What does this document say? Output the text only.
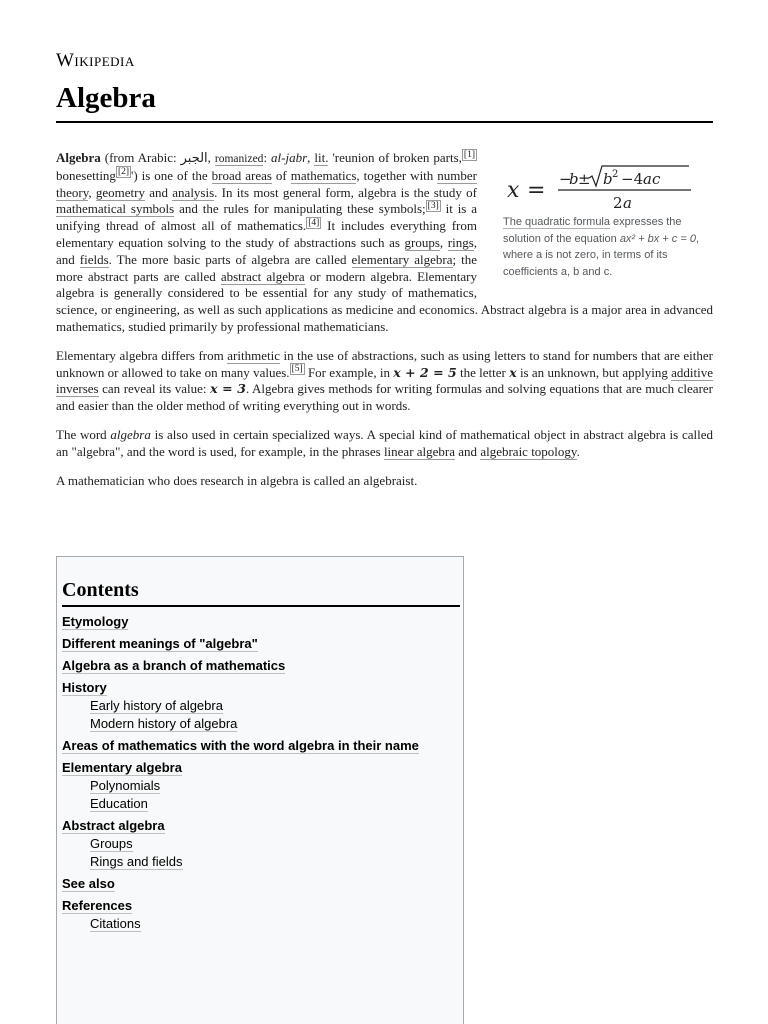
Wikipedia
Algebra
x = −
b ± b 2 −4 ac
2 a
The quadratic formula expresses the solution of the equation ax² + bx + c = 0, where a is not zero, in terms of its coefficients a, b and c.

Algebra (from Arabic: الجبر, romanized: al-jabr, lit. 'reunion of broken parts, [1] bonesetting [2] ') is one of the broad areas of mathematics, together with number theory, geometry and analysis. In its most general form, algebra is the study of mathematical symbols and the rules for manipulating these symbols; [3] it is a unifying thread of almost all of mathematics. [4] It includes everything from elementary equation solving to the study of abstractions such as groups, rings, and fields. The more basic parts of algebra are called elementary algebra; the more abstract parts are called abstract algebra or modern algebra. Elementary algebra is generally considered to be essential for any study of mathematics, science, or engineering, as well as such applications as medicine and economics. Abstract algebra is a major area in advanced mathematics, studied primarily by professional mathematicians.

Elementary algebra differs from arithmetic in the use of abstractions, such as using letters to stand for numbers that are either unknown or allowed to take on many values. [5] For example, in x + 2 = 5 the letter x is an unknown, but applying additive inverses can reveal its value: x = 3. Algebra gives methods for writing formulas and solving equations that are much clearer and easier than the older method of writing everything out in words.

The word algebra is also used in certain specialized ways. A special kind of mathematical object in abstract algebra is called an "algebra", and the word is used, for example, in the phrases linear algebra and algebraic topology.

A mathematician who does research in algebra is called an algebraist.

Contents
Etymology
Different meanings of "algebra"
Algebra as a branch of mathematics
History
Early history of algebra
Modern history of algebra
Areas of mathematics with the word algebra in their name
Elementary algebra
Polynomials
Education
Abstract algebra
Groups
Rings and fields
See also
References
Citations
